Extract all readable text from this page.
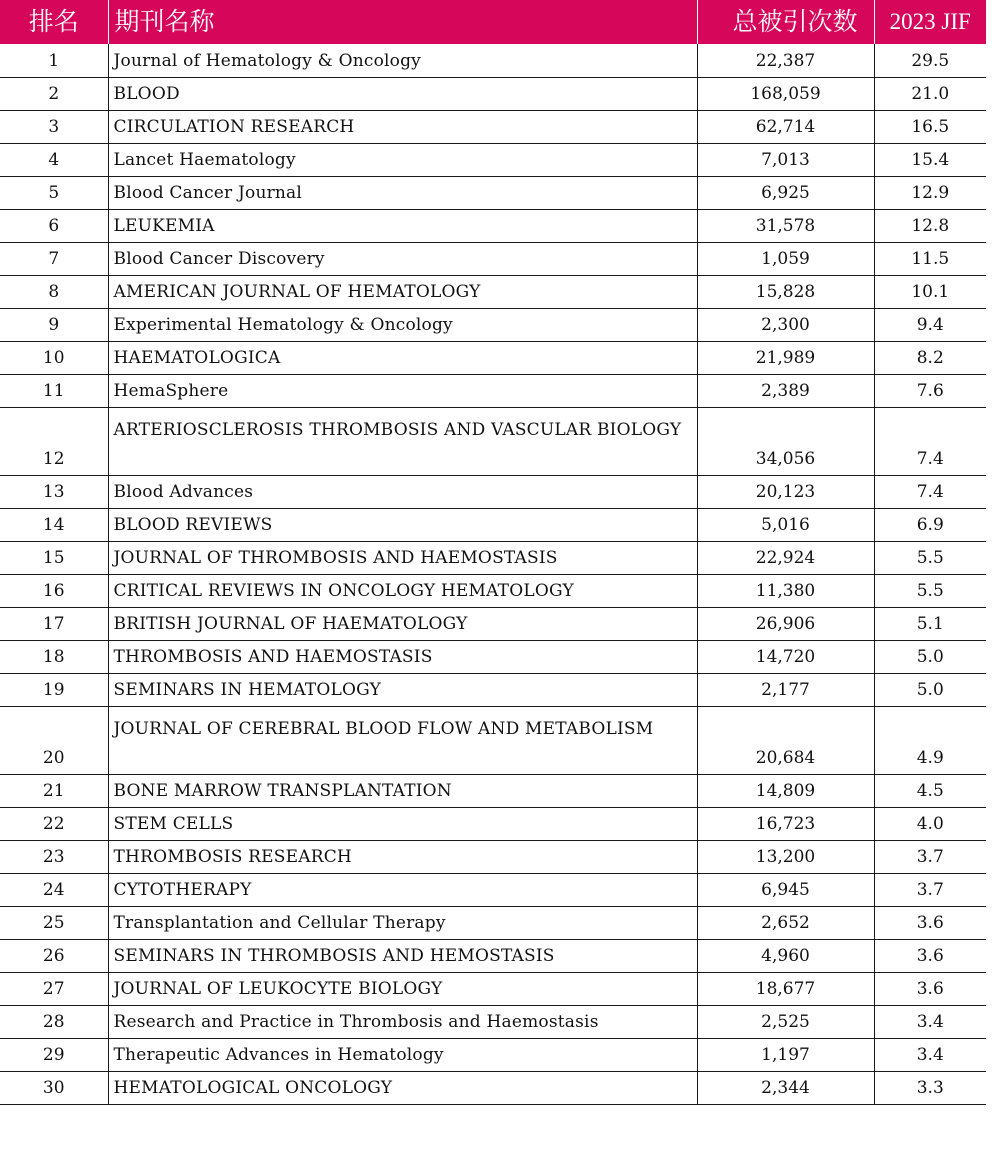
排名	期刊名称	总被引次数	2023 JIF
1	Journal of Hematology & Oncology	22,387	29.5
2	BLOOD	168,059	21.0
3	CIRCULATION RESEARCH	62,714	16.5
4	Lancet Haematology	7,013	15.4
5	Blood Cancer Journal	6,925	12.9
6	LEUKEMIA	31,578	12.8
7	Blood Cancer Discovery	1,059	11.5
8	AMERICAN JOURNAL OF HEMATOLOGY	15,828	10.1
9	Experimental Hematology & Oncology	2,300	9.4
10	HAEMATOLOGICA	21,989	8.2
11	HemaSphere	2,389	7.6
12	ARTERIOSCLEROSIS THROMBOSIS AND VASCULAR BIOLOGY	34,056	7.4
13	Blood Advances	20,123	7.4
14	BLOOD REVIEWS	5,016	6.9
15	JOURNAL OF THROMBOSIS AND HAEMOSTASIS	22,924	5.5
16	CRITICAL REVIEWS IN ONCOLOGY HEMATOLOGY	11,380	5.5
17	BRITISH JOURNAL OF HAEMATOLOGY	26,906	5.1
18	THROMBOSIS AND HAEMOSTASIS	14,720	5.0
19	SEMINARS IN HEMATOLOGY	2,177	5.0
20	JOURNAL OF CEREBRAL BLOOD FLOW AND METABOLISM	20,684	4.9
21	BONE MARROW TRANSPLANTATION	14,809	4.5
22	STEM CELLS	16,723	4.0
23	THROMBOSIS RESEARCH	13,200	3.7
24	CYTOTHERAPY	6,945	3.7
25	Transplantation and Cellular Therapy	2,652	3.6
26	SEMINARS IN THROMBOSIS AND HEMOSTASIS	4,960	3.6
27	JOURNAL OF LEUKOCYTE BIOLOGY	18,677	3.6
28	Research and Practice in Thrombosis and Haemostasis	2,525	3.4
29	Therapeutic Advances in Hematology	1,197	3.4
30	HEMATOLOGICAL ONCOLOGY	2,344	3.3
